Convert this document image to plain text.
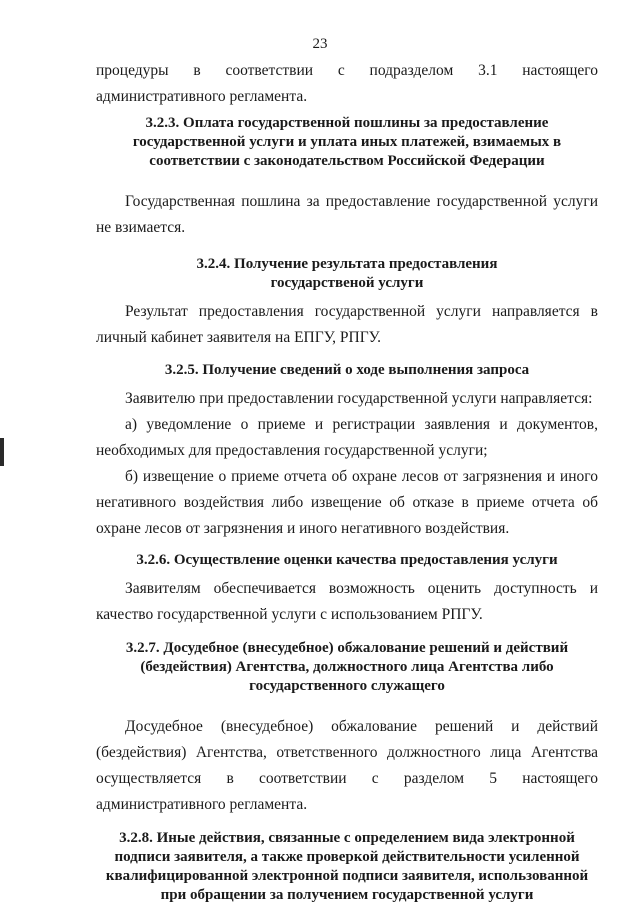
23

процедуры в соответствии с подразделом 3.1 настоящего административного регламента.

3.2.3. Оплата государственной пошлины за предоставление государственной услуги и уплата иных платежей, взимаемых в соответствии с законодательством Российской Федерации

Государственная пошлина за предоставление государственной услуги не взимается.

3.2.4. Получение результата предоставления государственой услуги

Результат предоставления государственной услуги направляется в личный кабинет заявителя на ЕПГУ, РПГУ.

3.2.5. Получение сведений о ходе выполнения запроса

Заявителю при предоставлении государственной услуги направляется:

а) уведомление о приеме и регистрации заявления и документов, необходимых для предоставления государственной услуги;

б) извещение о приеме отчета об охране лесов от загрязнения и иного негативного воздействия либо извещение об отказе в приеме отчета об охране лесов от загрязнения и иного негативного воздействия.

3.2.6. Осуществление оценки качества предоставления услуги

Заявителям обеспечивается возможность оценить доступность и качество государственной услуги с использованием РПГУ.

3.2.7. Досудебное (внесудебное) обжалование решений и действий (бездействия) Агентства, должностного лица Агентства либо государственного служащего

Досудебное (внесудебное) обжалование решений и действий (бездействия) Агентства, ответственного должностного лица Агентства осуществляется в соответствии с разделом 5 настоящего административного регламента.

3.2.8. Иные действия, связанные с определением вида электронной подписи заявителя, а также проверкой действительности усиленной квалифицированной электронной подписи заявителя, использованной при обращении за получением государственной услуги
